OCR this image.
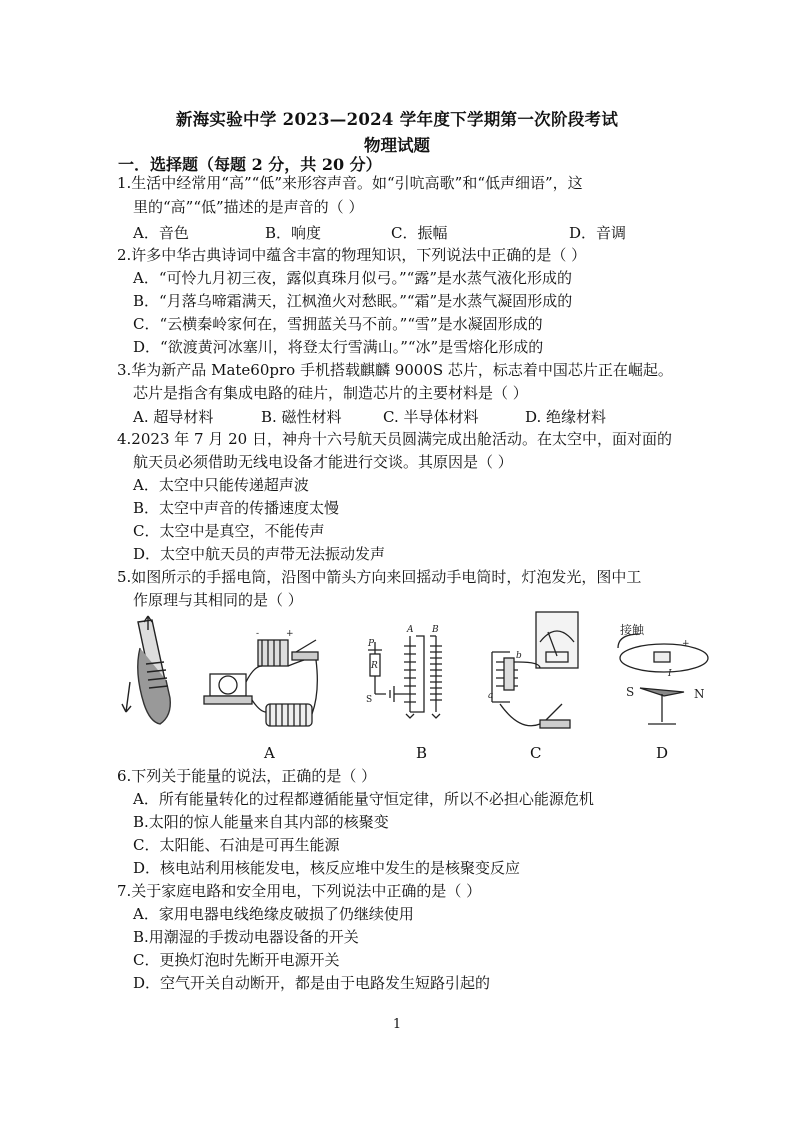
新海实验中学 2023—2024 学年度下学期第一次阶段考试
物理试题
一．选择题（每题 2 分，共 20 分）
1.生活中经常用“高”“低”来形容声音。如“引吭高歌”和“低声细语”，这
里的“高”“低”描述的是声音的（ ）
A．音色	B．响度	C．振幅	D．音调
2.许多中华古典诗词中蕴含丰富的物理知识，下列说法中正确的是（ ）
A．“可怜九月初三夜，露似真珠月似弓。”“露”是水蒸气液化形成的
B．“月落乌啼霜满天，江枫渔火对愁眠。”“霜”是水蒸气凝固形成的
C．“云横秦岭家何在，雪拥蓝关马不前。”“雪”是水凝固形成的
D．“欲渡黄河冰塞川，将登太行雪满山。”“冰”是雪熔化形成的
3.华为新产品 Mate60pro 手机搭载麒麟 9000S 芯片，标志着中国芯片正在崛起。
芯片是指含有集成电路的硅片，制造芯片的主要材料是（ ）
A. 超导材料	B. 磁性材料	C. 半导体材料	D. 绝缘材料
4.2023 年 7 月 20 日，神舟十六号航天员圆满完成出舱活动。在太空中，面对面的
航天员必须借助无线电设备才能进行交谈。其原因是（ ）
A．太空中只能传递超声波
B．太空中声音的传播速度太慢
C．太空中是真空，不能传声
D．太空中航天员的声带无法振动发声
5.如图所示的手摇电筒，沿图中箭头方向来回摇动手电筒时，灯泡发光，图中工
作原理与其相同的是（ ）
-	+
P
R
S
A B
b
a
接触
+
I
S	N
A	B	C	D
6.下列关于能量的说法，正确的是（ ）
A．所有能量转化的过程都遵循能量守恒定律，所以不必担心能源危机
B.太阳的惊人能量来自其内部的核聚变
C．太阳能、石油是可再生能源
D．核电站利用核能发电，核反应堆中发生的是核聚变反应
7.关于家庭电路和安全用电，下列说法中正确的是（ ）
A．家用电器电线绝缘皮破损了仍继续使用
B.用潮湿的手拨动电器设备的开关
C．更换灯泡时先断开电源开关
D．空气开关自动断开，都是由于电路发生短路引起的
1
